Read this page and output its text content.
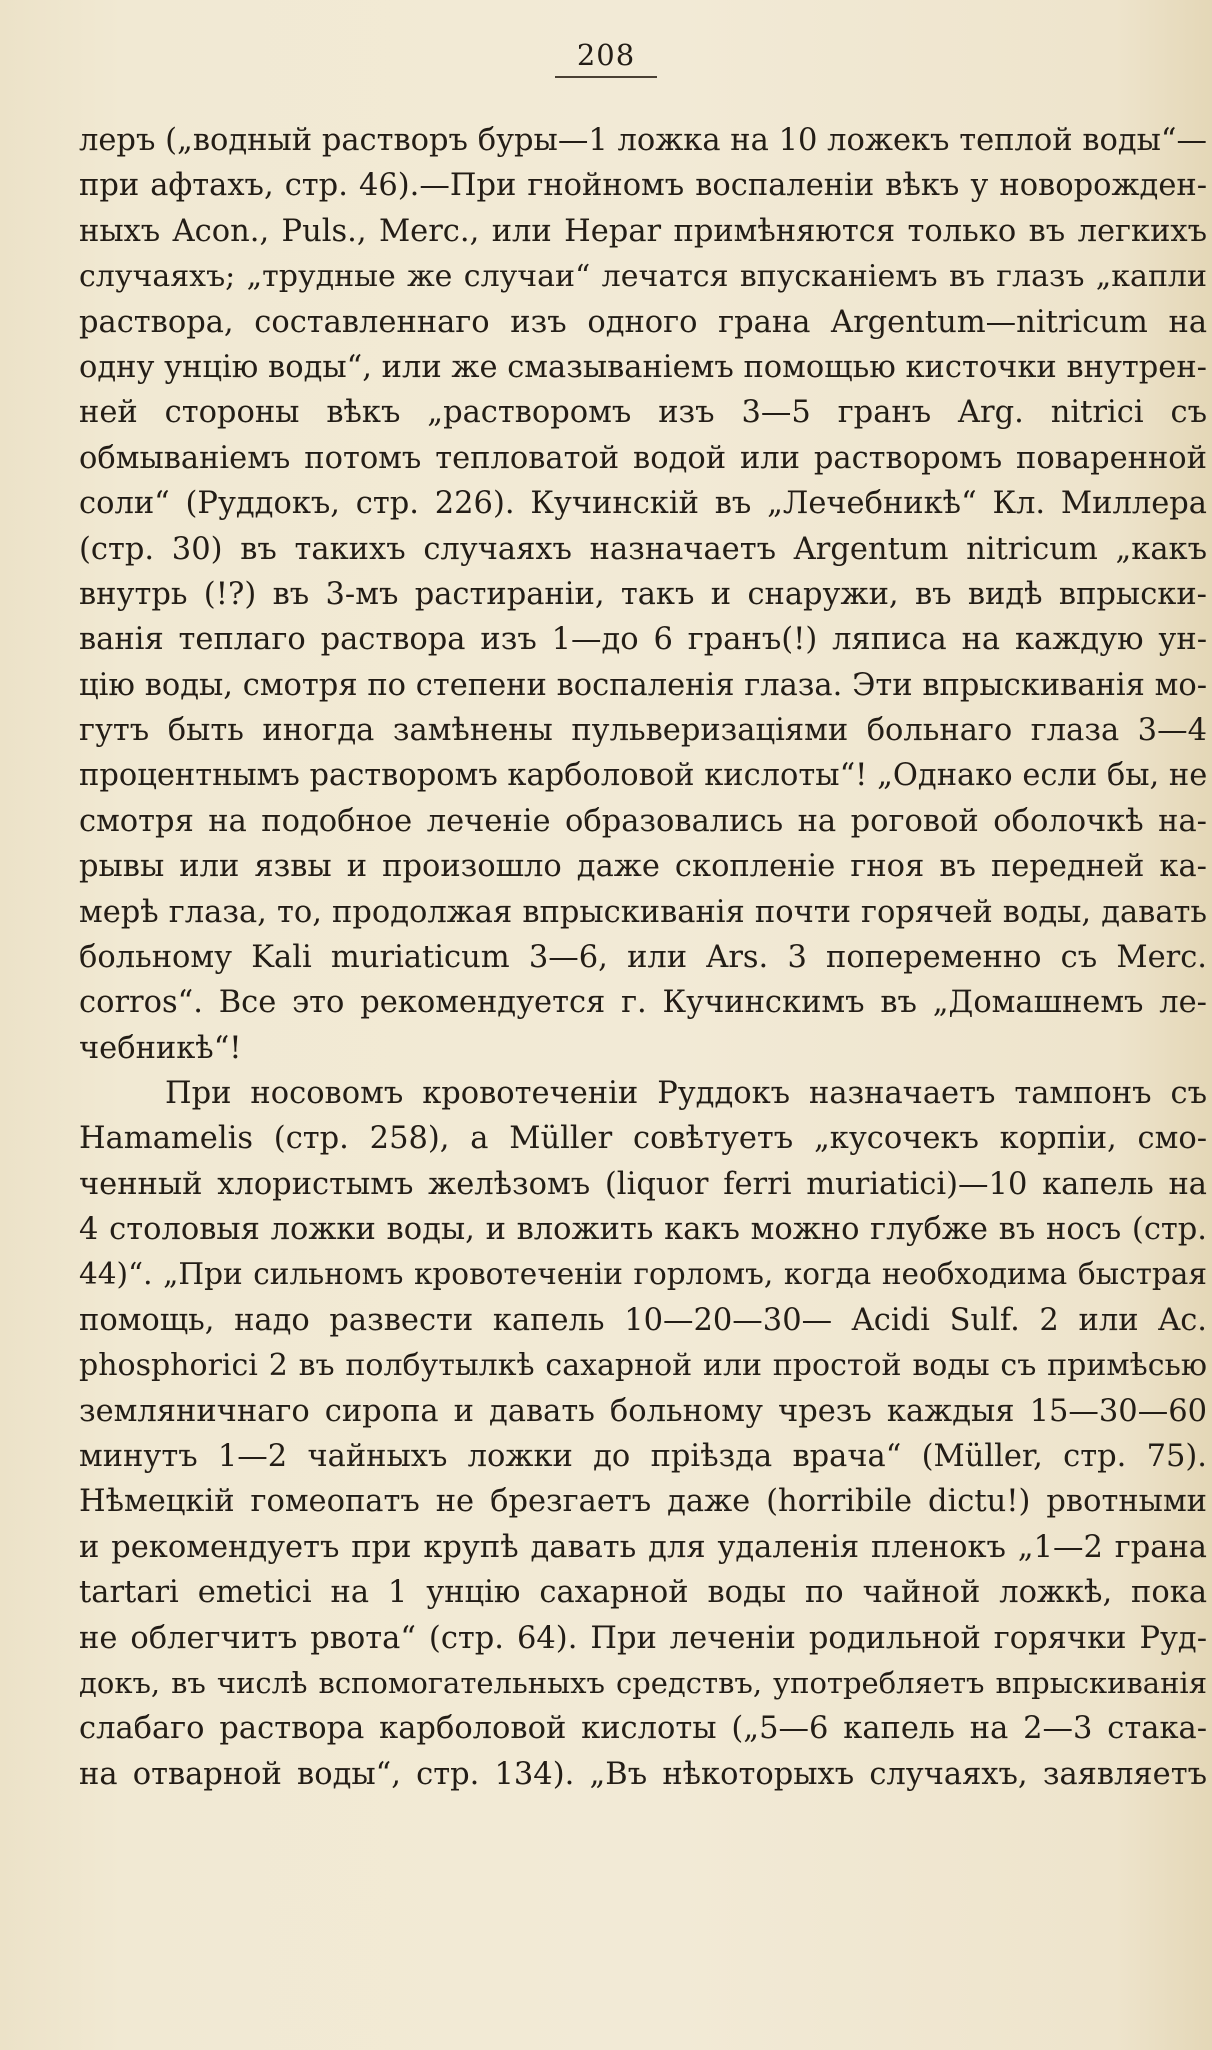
208
леръ („водный растворъ буры—1 ложка на 10 ложекъ теплой воды“—
при афтахъ, стр. 46).—При гнойномъ воспаленіи вѣкъ у новорожден-
ныхъ Acon., Puls., Merc., или Hepar примѣняются только въ легкихъ
случаяхъ; „трудные же случаи“ лечатся впусканіемъ въ глазъ „капли
раствора, составленнаго изъ одного грана Argentum—nitricum на
одну унцію воды“, или же смазываніемъ помощью кисточки внутрен-
ней стороны вѣкъ „растворомъ изъ 3—5 гранъ Arg. nitrici съ
обмываніемъ потомъ тепловатой водой или растворомъ поваренной
соли“ (Руддокъ, стр. 226). Кучинскій въ „Лечебникѣ“ Кл. Миллера
(стр. 30) въ такихъ случаяхъ назначаетъ Argentum nitricum „какъ
внутрь (!?) въ 3-мъ растираніи, такъ и снаружи, въ видѣ впрыски-
ванія теплаго раствора изъ 1—до 6 гранъ(!) ляписа на каждую ун-
цію воды, смотря по степени воспаленія глаза. Эти впрыскиванія мо-
гутъ быть иногда замѣнены пульверизаціями больнаго глаза 3—4
процентнымъ растворомъ карболовой кислоты“! „Однако если бы, не
смотря на подобное леченіе образовались на роговой оболочкѣ на-
рывы или язвы и произошло даже скопленіе гноя въ передней ка-
мерѣ глаза, то, продолжая впрыскиванія почти горячей воды, давать
больному Kali muriaticum 3—6, или Ars. 3 попеременно съ Merc.
corros“. Все это рекомендуется г. Кучинскимъ въ „Домашнемъ ле-
чебникѣ“!
При носовомъ кровотеченіи Руддокъ назначаетъ тампонъ съ
Hamamelis (стр. 258), а Müller совѣтуетъ „кусочекъ корпіи, смо-
ченный хлористымъ желѣзомъ (liquor ferri muriatici)—10 капель на
4 столовыя ложки воды, и вложить какъ можно глубже въ носъ (стр.
44)“. „При сильномъ кровотеченіи горломъ, когда необходима быстрая
помощь, надо развести капель 10—20—30— Acidi Sulf. 2 или Ac.
phosphorici 2 въ полбутылкѣ сахарной или простой воды съ примѣсью
земляничнаго сиропа и давать больному чрезъ каждыя 15—30—60
минутъ 1—2 чайныхъ ложки до пріѣзда врача“ (Müller, стр. 75).
Нѣмецкій гомеопатъ не брезгаетъ даже (horribile dictu!) рвотными
и рекомендуетъ при крупѣ давать для удаленія пленокъ „1—2 грана
tartari emetici на 1 унцію сахарной воды по чайной ложкѣ, пока
не облегчитъ рвота“ (стр. 64). При леченіи родильной горячки Руд-
докъ, въ числѣ вспомогательныхъ средствъ, употребляетъ впрыскиванія
слабаго раствора карболовой кислоты („5—6 капель на 2—3 стака-
на отварной воды“, стр. 134). „Въ нѣкоторыхъ случаяхъ, заявляетъ
